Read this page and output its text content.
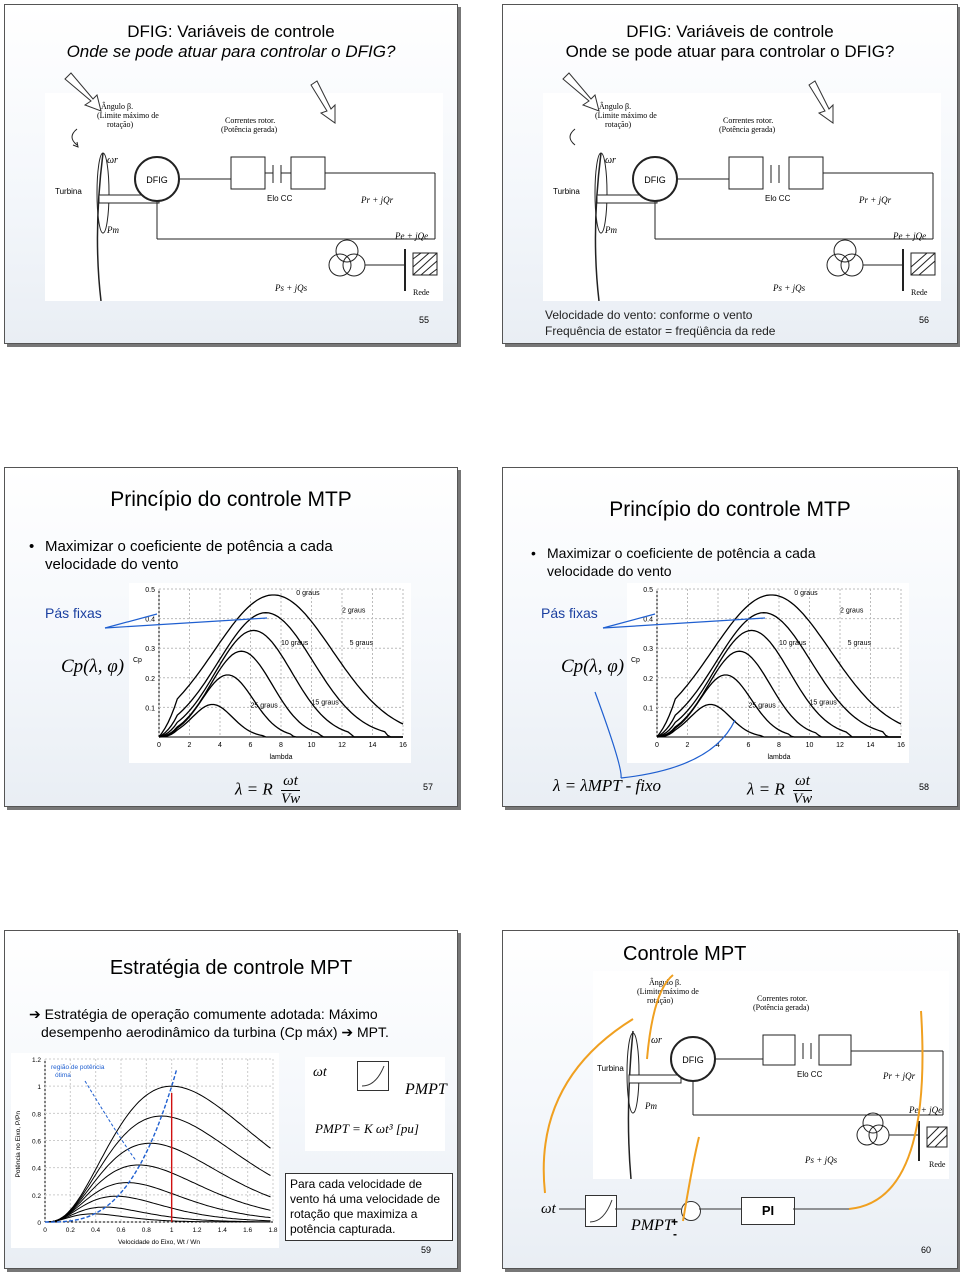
DFIG: Variáveis de controle
Onde se pode atuar para controlar o DFIG?
DFIG
ωr
Turbina
Elo CC	Pr + jQr
Pm
Pe + jQe
Ps + jQs	Rede
Ângulo β.
(Limite máximo de
rotação)	Correntes rotor.
(Potência gerada)
55
DFIG: Variáveis de controle
Onde se pode atuar para controlar o DFIG?
DFIG
ωr
Turbina
Elo CC	Pr + jQr
Pm
Pe + jQe
Ps + jQs	Rede
Ângulo β.
(Limite máximo de
rotação)	Correntes rotor.
(Potência gerada)
Velocidade do vento: conforme o vento
Frequência de estator = freqüência da rede
56
Princípio do controle MTP
• Maximizar o coeficiente de potência a cada
velocidade do vento
Pás fixas
Cp(λ, φ)
0	2	4	6	8	10	12	14	16
0.5
0.4
0.3
0.2
0.1
Cp
lambda
0 graus
2 graus
5 graus
10 graus
15 graus
25 graus
λ = R $\frac{\omega t}{Vw}$	57
Princípio do controle MTP
• Maximizar o coeficiente de potência a cada
velocidade do vento
Pás fixas
Cp(λ, φ)
0	2	4	6	8	10	12	14	16
0.5
0.4
0.3
0.2
0.1
Cp
lambda
0 graus
2 graus
5 graus
10 graus
15 graus
25 graus
λ = λMPT - fixo	λ = R $\frac{\omega t}{Vw}$	58
Estratégia de controle MPT
➔ Estratégia de operação comumente adotada: Máximo
desempenho aerodinâmico da turbina (Cp máx) ➔ MPT.
0	0.2	0.4	0.6	0.8	1	1.2	1.4	1.6	1.8
1.2
1
0.8
0.6
0.4
0.2
0
Potência no Eixo, P/Pn
Velocidade do Eixo, Wt / Wn
região de potência
ótima	ωt
PMPT
PMPT = K ωt³ [pu]
Para cada velocidade de
vento há uma velocidade de
rotação que maximiza a
potência capturada.
59
Controle MPT
DFIG
ωr
Turbina
Elo CC	Pr + jQr
Pm	Pe + jQe
Ps + jQs	Rede
Ângulo β.
(Limite máximo de
rotação)	Correntes rotor.
(Potência gerada)
ωt
PMPT
+
-
PI
60
